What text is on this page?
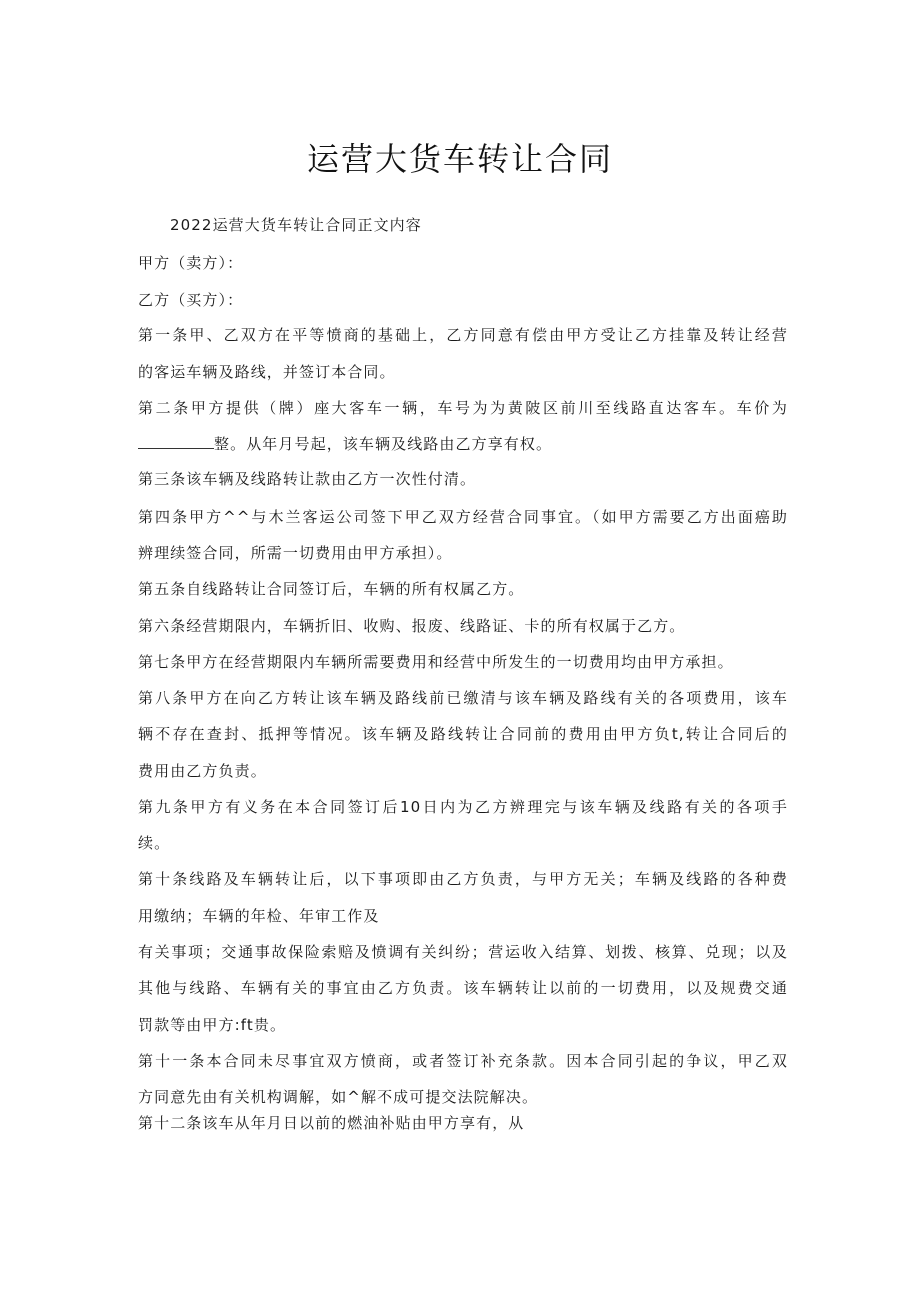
运营大货车转让合同
2022运营大货车转让合同正文内容
甲方（卖方）：
乙方（买方）：
第一条甲、乙双方在平等愤商的基础上，乙方同意有偿由甲方受让乙方挂靠及转让经营
的客运车辆及路线，并签订本合同。
第二条甲方提供（牌）座大客车一辆，车号为为黄陂区前川至线路直达客车。车价为
整。从年月号起，该车辆及线路由乙方享有权。
第三条该车辆及线路转让款由乙方一次性付清。
第四条甲方^^与木兰客运公司签下甲乙双方经营合同事宜。（如甲方需要乙方出面癌助
辨理续签合同，所需一切费用由甲方承担）。
第五条自线路转让合同签订后，车辆的所有权属乙方。
第六条经营期限内，车辆折旧、收购、报废、线路证、卡的所有权属于乙方。
第七条甲方在经营期限内车辆所需要费用和经营中所发生的一切费用均由甲方承担。
第八条甲方在向乙方转让该车辆及路线前已缴清与该车辆及路线有关的各项费用，该车
辆不存在查封、抵押等情况。该车辆及路线转让合同前的费用由甲方负t,转让合同后的
费用由乙方负责。
第九条甲方有义务在本合同签订后10日内为乙方辨理完与该车辆及线路有关的各项手
续。
第十条线路及车辆转让后，以下事项即由乙方负责，与甲方无关；车辆及线路的各种费
用缴纳；车辆的年检、年审工作及
有关事项；交通事故保险索赔及愤调有关纠纷；营运收入结算、划拨、核算、兑现；以及
其他与线路、车辆有关的事宜由乙方负责。该车辆转让以前的一切费用，以及规费交通
罚款等由甲方:ft贵。
第十一条本合同未尽事宜双方愤商，或者签订补充条款。因本合同引起的争议，甲乙双
方同意先由有关机构调解，如^解不成可提交法院解决。
第十二条该车从年月日以前的燃油补贴由甲方享有，从
